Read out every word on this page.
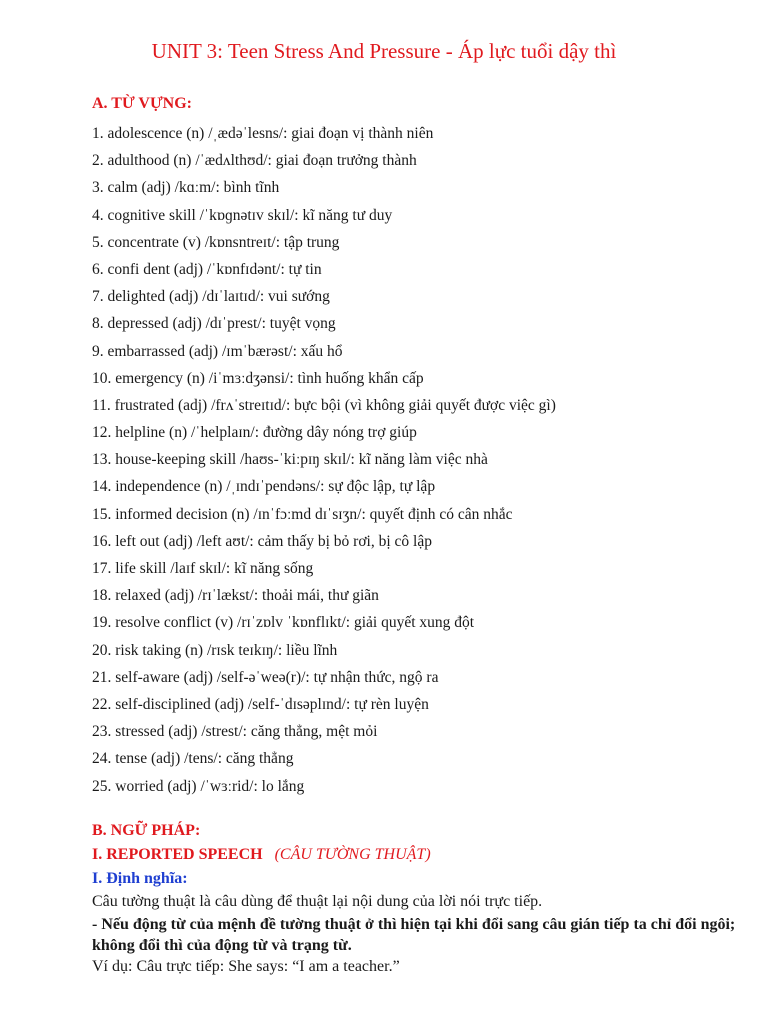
UNIT 3: Teen Stress And Pressure - Áp lực tuổi dậy thì
A. TỪ VỰNG:
1. adolescence (n) /ˌædəˈlesns/: giai đoạn vị thành niên
2. adulthood (n) /ˈædʌlthʊd/: giai đoạn trưởng thành
3. calm (adj) /kɑːm/: bình tĩnh
4. cognitive skill /ˈkɒɡnətɪv skɪl/: kĩ năng tư duy
5. concentrate (v) /kɒnsntreɪt/: tập trung
6. confi dent (adj) /ˈkɒnfɪdənt/: tự tin
7. delighted (adj) /dɪˈlaɪtɪd/: vui sướng
8. depressed (adj) /dɪˈprest/: tuyệt vọng
9. embarrassed (adj) /ɪmˈbærəst/: xấu hổ
10. emergency (n) /iˈmɜːdʒənsi/: tình huống khẩn cấp
11. frustrated (adj) /frʌˈstreɪtɪd/: bực bội (vì không giải quyết được việc gì)
12. helpline (n) /ˈhelplaɪn/: đường dây nóng trợ giúp
13. house-keeping skill /haʊs-ˈkiːpɪŋ skɪl/: kĩ năng làm việc nhà
14. independence (n) /ˌɪndɪˈpendəns/: sự độc lập, tự lập
15. informed decision (n) /ɪnˈfɔːmd dɪˈsɪʒn/: quyết định có cân nhắc
16. left out (adj) /left aʊt/: cảm thấy bị bỏ rơi, bị cô lập
17. life skill /laɪf skɪl/: kĩ năng sống
18. relaxed (adj) /rɪˈlækst/: thoải mái, thư giãn
19. resolve conflict (v) /rɪˈzɒlv ˈkɒnflɪkt/: giải quyết xung đột
20. risk taking (n) /rɪsk teɪkɪŋ/: liều lĩnh
21. self-aware (adj) /self-əˈweə(r)/: tự nhận thức, ngộ ra
22. self-disciplined (adj) /self-ˈdɪsəplɪnd/: tự rèn luyện
23. stressed (adj) /strest/: căng thẳng, mệt mỏi
24. tense (adj) /tens/: căng thẳng
25. worried (adj) /ˈwɜːrid/: lo lắng
B. NGỮ PHÁP:
I. REPORTED SPEECH (CÂU TƯỜNG THUẬT)
I. Định nghĩa:
Câu tường thuật là câu dùng để thuật lại nội dung của lời nói trực tiếp.
- Nếu động từ của mệnh đề tường thuật ở thì hiện tại khi đổi sang câu gián tiếp ta chỉ đổi ngôi; không đổi thì của động từ và trạng từ.
Ví dụ: Câu trực tiếp: She says: “I am a teacher.”
